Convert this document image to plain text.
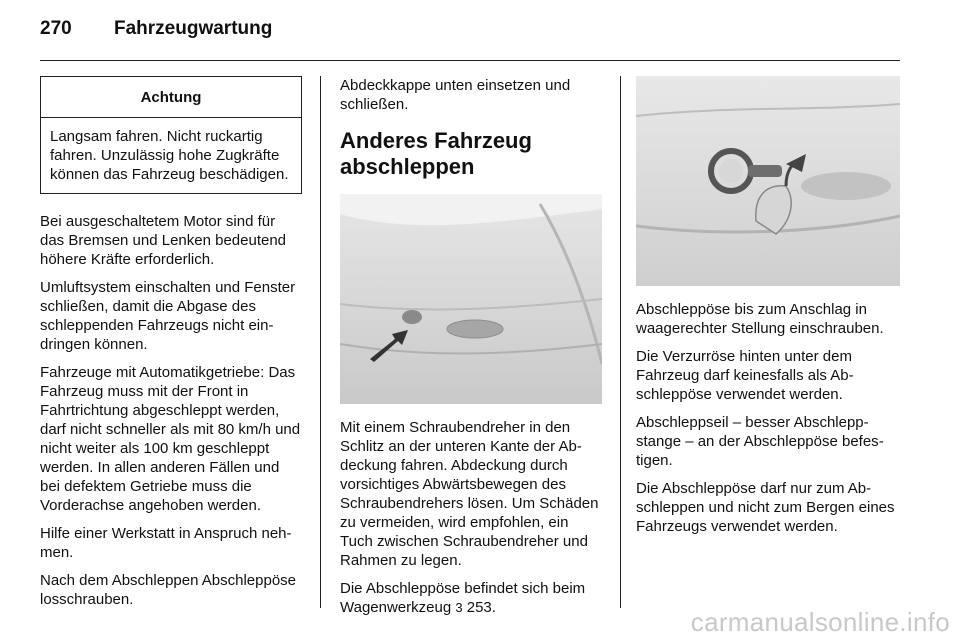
270 Fahrzeugwartung
Achtung
Langsam fahren. Nicht ruckartig fahren. Unzulässig hohe Zugkräfte können das Fahrzeug beschädigen.

Bei ausgeschaltetem Motor sind für das Bremsen und Lenken bedeutend höhere Kräfte erforderlich.

Umluftsystem einschalten und Fenster schließen, damit die Abgase des schleppenden Fahrzeugs nicht eindringen können.

Fahrzeuge mit Automatikgetriebe: Das Fahrzeug muss mit der Front in Fahrtrichtung abgeschleppt werden, darf nicht schneller als mit 80 km/h und nicht weiter als 100 km geschleppt werden. In allen anderen Fällen und bei defektem Getriebe muss die Vorderachse angehoben werden.

Hilfe einer Werkstatt in Anspruch nehmen.

Nach dem Abschleppen Abschleppöse losschrauben.

Abdeckkappe unten einsetzen und schließen.

Anderes Fahrzeug abschleppen

Mit einem Schraubendreher in den Schlitz an der unteren Kante der Abdeckung fahren. Abdeckung durch vorsichtiges Abwärtsbewegen des Schraubendrehers lösen. Um Schäden zu vermeiden, wird empfohlen, ein Tuch zwischen Schraubendreher und Rahmen zu legen.

Die Abschleppöse befindet sich beim Wagenwerkzeug 3 253.

Abschleppöse bis zum Anschlag in waagerechter Stellung einschrauben.

Die Verzurröse hinten unter dem Fahrzeug darf keinesfalls als Abschleppöse verwendet werden.

Abschleppseil – besser Abschleppstange – an der Abschleppöse befestigen.

Die Abschleppöse darf nur zum Abschleppen und nicht zum Bergen eines Fahrzeugs verwendet werden.

carmanualsonline.info
